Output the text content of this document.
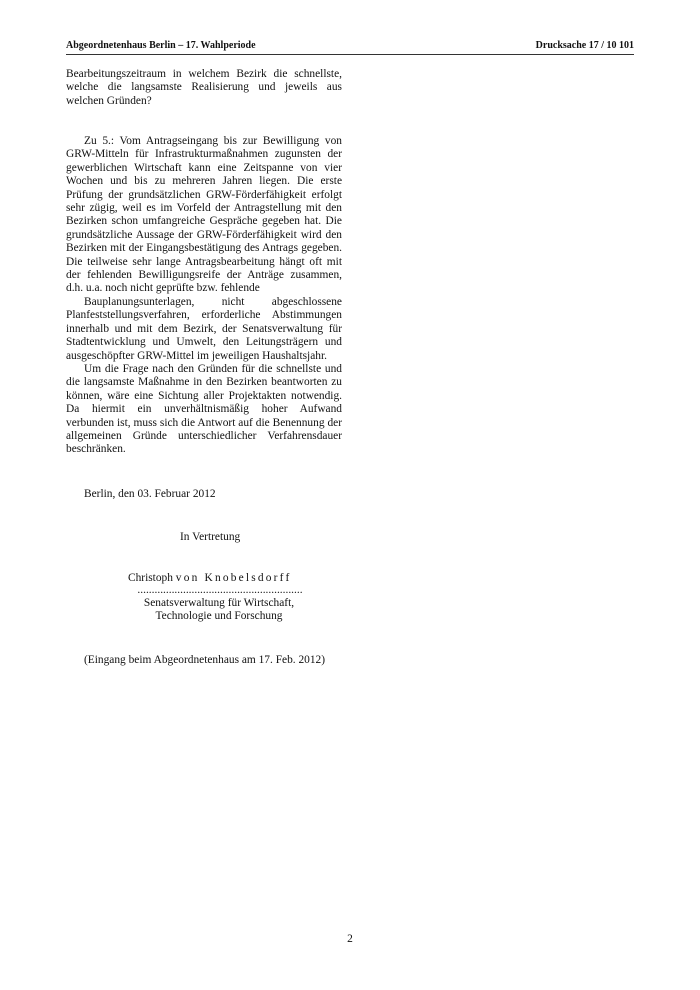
Abgeordnetenhaus Berlin – 17. Wahlperiode	Drucksache 17 / 10 101

Bearbeitungszeitraum in welchem Bezirk die schnellste, welche die langsamste Realisierung und jeweils aus welchen Gründen?

Zu 5.: Vom Antragseingang bis zur Bewilligung von GRW-Mitteln für Infrastrukturmaßnahmen zugunsten der gewerblichen Wirtschaft kann eine Zeitspanne von vier Wochen und bis zu mehreren Jahren liegen. Die erste Prüfung der grundsätzlichen GRW-Förderfähigkeit erfolgt sehr zügig, weil es im Vorfeld der Antragstellung mit den Bezirken schon umfangreiche Gespräche gegeben hat. Die grundsätzliche Aussage der GRW-Förderfähigkeit wird den Bezirken mit der Eingangsbestätigung des Antrags gegeben. Die teilweise sehr lange Antragsbearbeitung hängt oft mit der fehlenden Bewilligungsreife der Anträge zusammen, d.h. u.a. noch nicht geprüfte bzw. fehlende

Bauplanungsunterlagen, nicht abgeschlossene Planfeststellungsverfahren, erforderliche Abstimmungen innerhalb und mit dem Bezirk, der Senatsverwaltung für Stadtentwicklung und Umwelt, den Leitungsträgern und ausgeschöpfter GRW-Mittel im jeweiligen Haushaltsjahr.

Um die Frage nach den Gründen für die schnellste und die langsamste Maßnahme in den Bezirken beantworten zu können, wäre eine Sichtung aller Projektakten notwendig. Da hiermit ein unverhältnismäßig hoher Aufwand verbunden ist, muss sich die Antwort auf die Benennung der allgemeinen Gründe unterschiedlicher Verfahrensdauer beschränken.

Berlin, den 03. Februar 2012
In Vertretung
Christoph von Knobelsdorff
..........................................................
Senatsverwaltung für Wirtschaft,
Technologie und Forschung
(Eingang beim Abgeordnetenhaus am 17. Feb. 2012)
2
